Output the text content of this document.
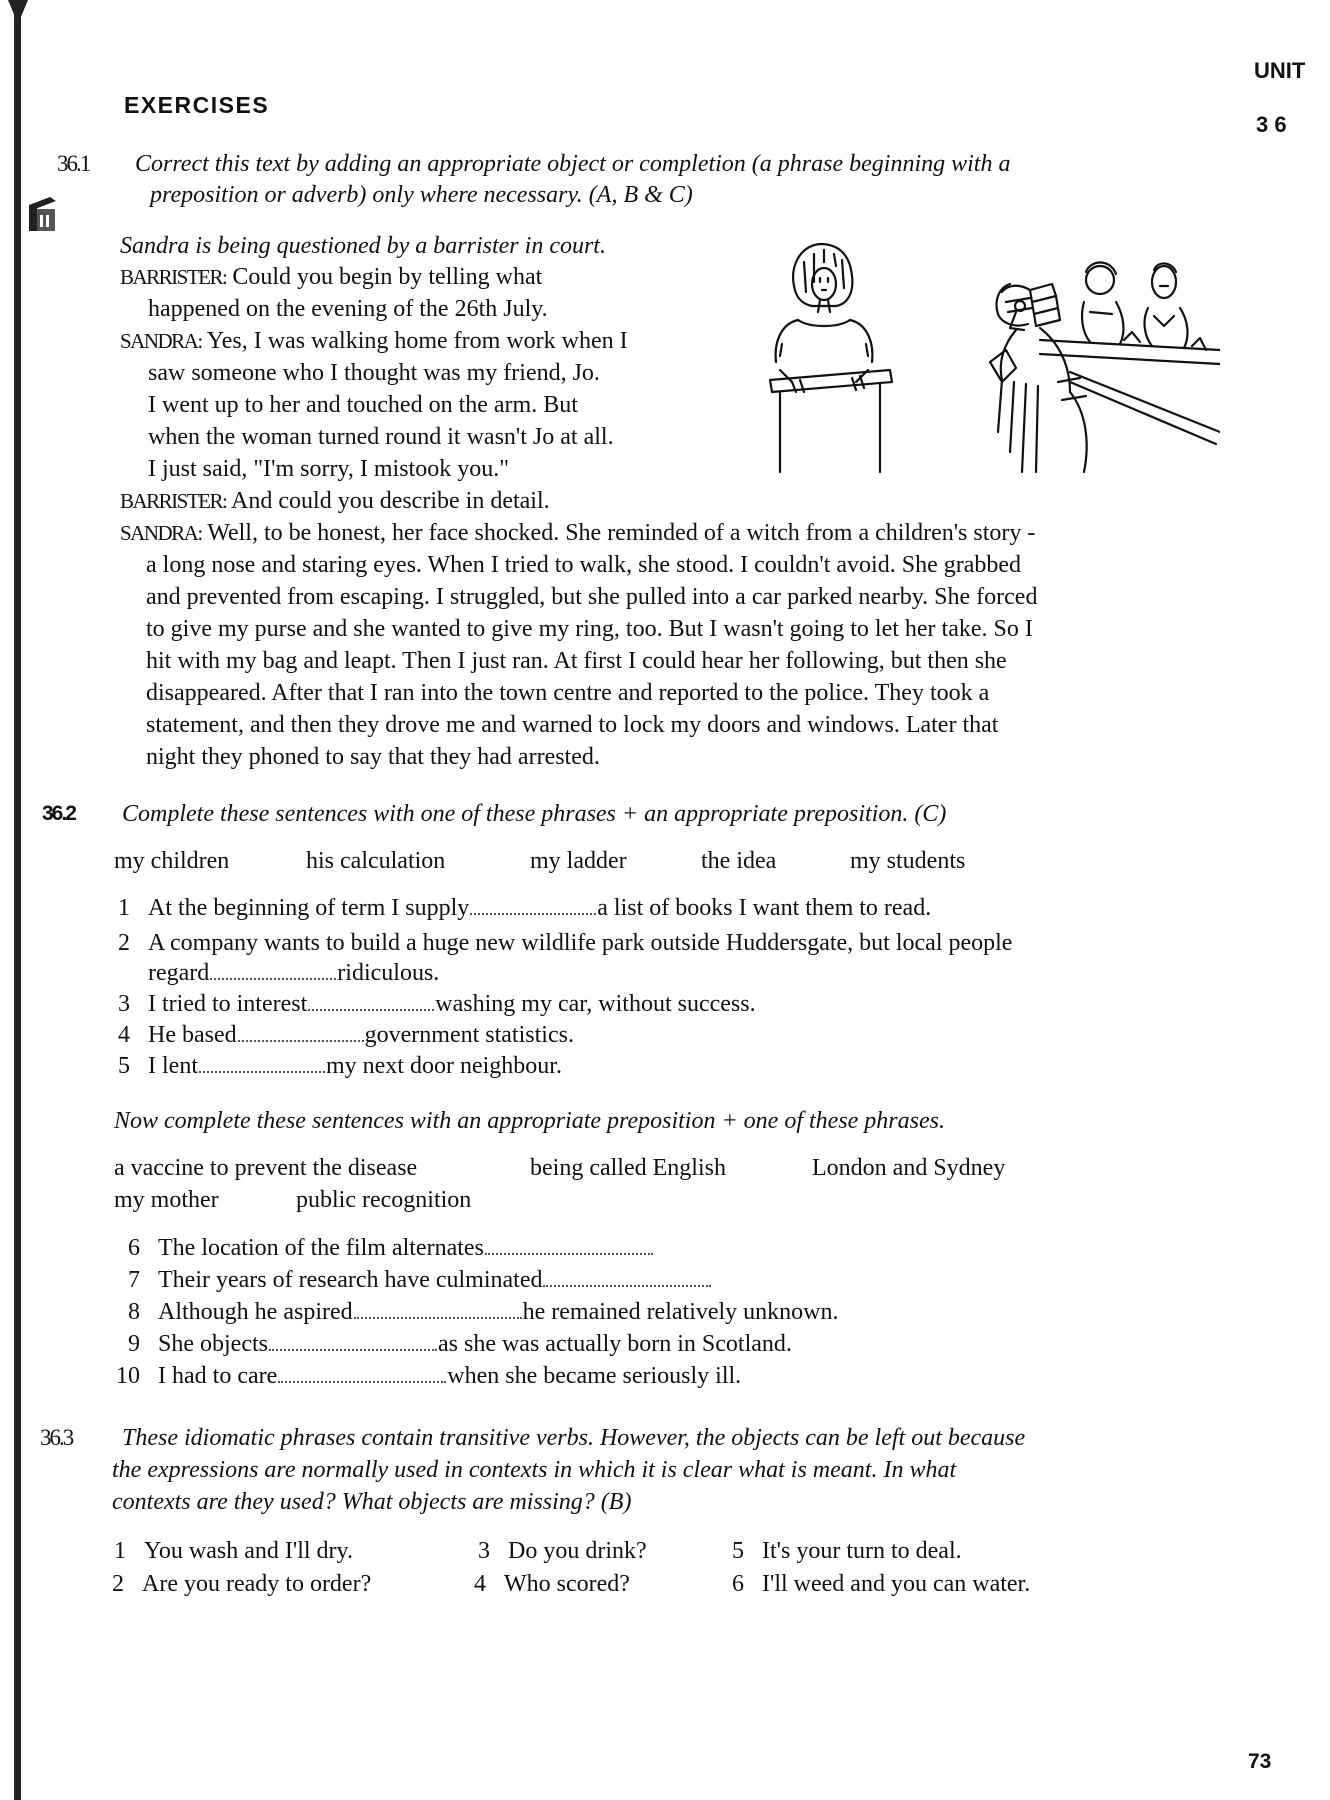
EXERCISES
UNIT
3 6
36.1 Correct this text by adding an appropriate object or completion (a phrase beginning with a
preposition or adverb) only where necessary. (A, B & C)
Sandra is being questioned by a barrister in court.
BARRISTER: Could you begin by telling what
happened on the evening of the 26th July.
SANDRA: Yes, I was walking home from work when I
saw someone who I thought was my friend, Jo.
I went up to her and touched on the arm. But
when the woman turned round it wasn't Jo at all.
I just said, "I'm sorry, I mistook you."
BARRISTER: And could you describe in detail.
SANDRA: Well, to be honest, her face shocked. She reminded of a witch from a children's story -
a long nose and staring eyes. When I tried to walk, she stood. I couldn't avoid. She grabbed
and prevented from escaping. I struggled, but she pulled into a car parked nearby. She forced
to give my purse and she wanted to give my ring, too. But I wasn't going to let her take. So I
hit with my bag and leapt. Then I just ran. At first I could hear her following, but then she
disappeared. After that I ran into the town centre and reported to the police. They took a
statement, and then they drove me and warned to lock my doors and windows. Later that
night they phoned to say that they had arrested.
36.2 Complete these sentences with one of these phrases + an appropriate preposition. (C)
my children	his calculation	my ladder	the idea	my students
1 At the beginning of term I supply	a list of books I want them to read.
2 A company wants to build a huge new wildlife park outside Huddersgate, but local people
regard	ridiculous.
3 I tried to interest	washing my car, without success.
4 He based	government statistics.
5 I lent	my next door neighbour.
Now complete these sentences with an appropriate preposition + one of these phrases.
a vaccine to prevent the disease	being called English	London and Sydney
my mother	public recognition
6 The location of the film alternates
7 Their years of research have culminated
8 Although he aspired	he remained relatively unknown.
9 She objects	as she was actually born in Scotland.
10 I had to care	when she became seriously ill.
36.3 These idiomatic phrases contain transitive verbs. However, the objects can be left out because
the expressions are normally used in contexts in which it is clear what is meant. In what
contexts are they used? What objects are missing? (B)
1 You wash and I'll dry.
2 Are you ready to order?
3 Do you drink?
4 Who scored?
5 It's your turn to deal.
6 I'll weed and you can water.
73
